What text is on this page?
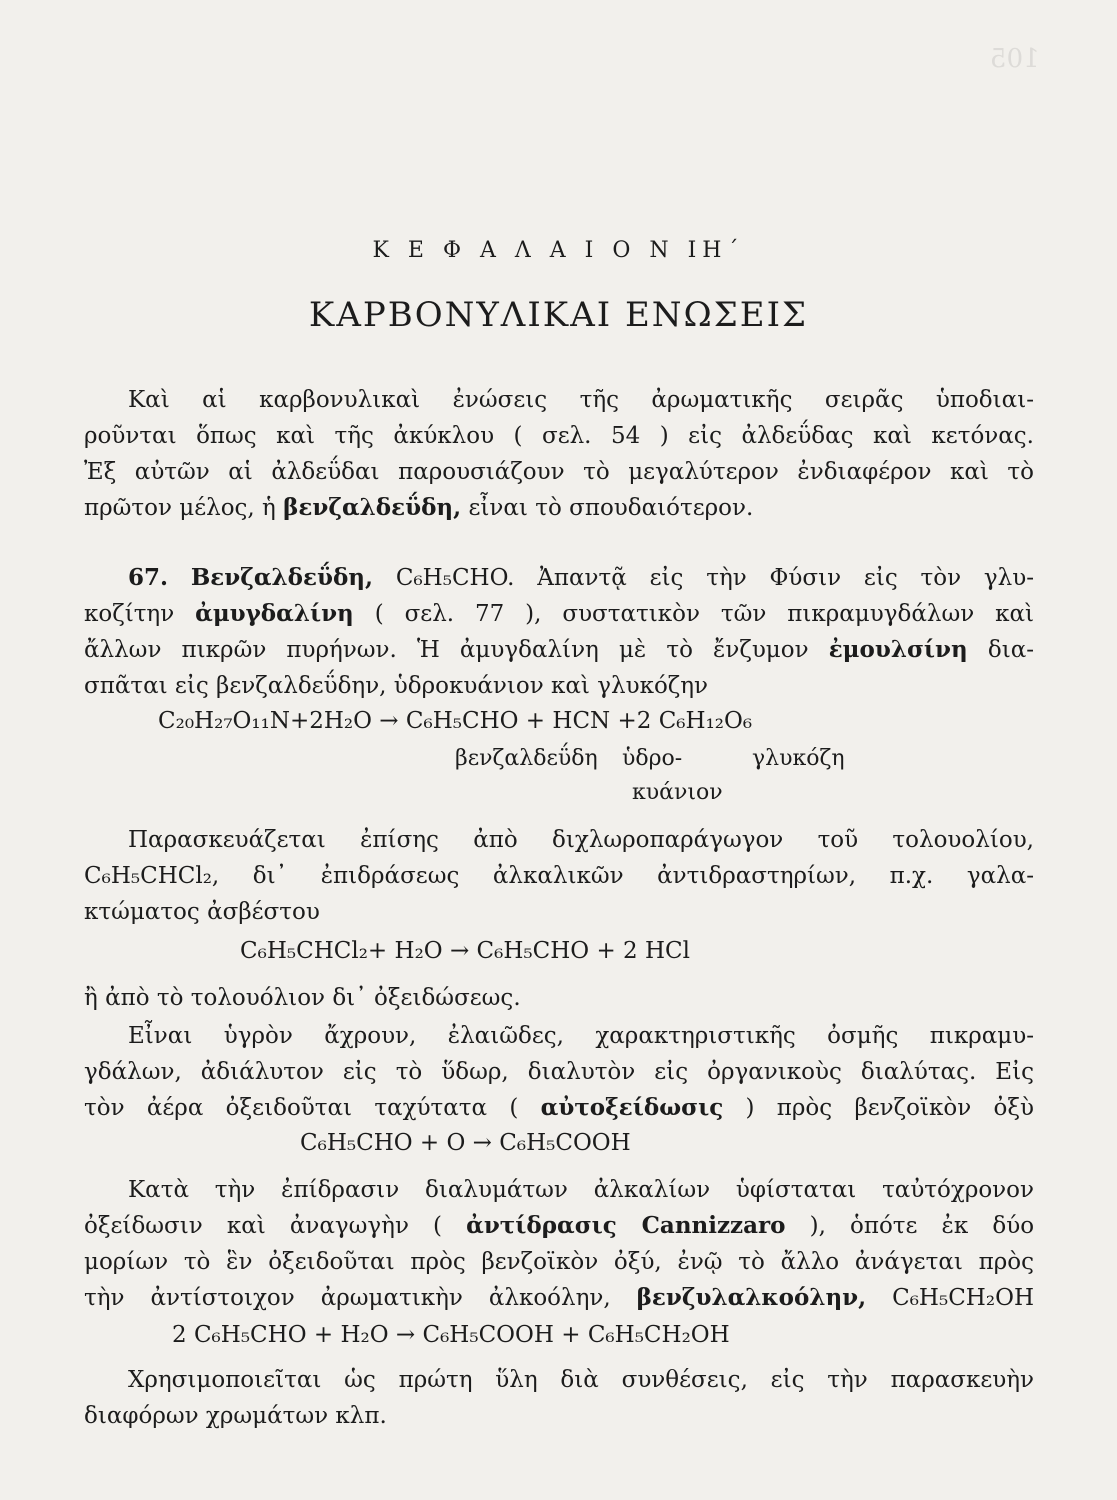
105
Κ Ε Φ Α Λ Α Ι Ο Ν ΙΗ΄
ΚΑΡΒΟΝΥΛΙΚΑΙ ΕΝΩΣΕΙΣ
Καὶ αἱ καρβονυλικαὶ ἐνώσεις τῆς ἀρωματικῆς σειρᾶς ὑποδιαι-
ροῦνται ὅπως καὶ τῆς ἀκύκλου ( σελ. 54 ) εἰς ἀλδεΰδας καὶ κετόνας.
Ἐξ αὐτῶν αἱ ἀλδεΰδαι παρουσιάζουν τὸ μεγαλύτερον ἐνδιαφέρον καὶ τὸ
πρῶτον μέλος, ἡ βενζαλδεΰδη, εἶναι τὸ σπουδαιότερον.
67. Βενζαλδεΰδη, C₆H₅CHO. Ἀπαντᾷ εἰς τὴν Φύσιν εἰς τὸν γλυ-
κοζίτην ἀμυγδαλίνη ( σελ. 77 ), συστατικὸν τῶν πικραμυγδάλων καὶ
ἄλλων πικρῶν πυρήνων. Ἡ ἀμυγδαλίνη μὲ τὸ ἔνζυμον ἐμουλσίνη δια-
σπᾶται εἰς βενζαλδεΰδην, ὑδροκυάνιον καὶ γλυκόζην
C₂₀H₂₇O₁₁N+2H₂O → C₆H₅CHO + HCN +2 C₆H₁₂O₆
βενζαλδεΰδη ὑδρο-
κυάνιον
γλυκόζη
Παρασκευάζεται ἐπίσης ἀπὸ διχλωροπαράγωγον τοῦ τολουολίου,
C₆H₅CHCl₂, δι᾽ ἐπιδράσεως ἀλκαλικῶν ἀντιδραστηρίων, π.χ. γαλα-
κτώματος ἀσβέστου
C₆H₅CHCl₂+ H₂O → C₆H₅CHO + 2 HCl
ἢ ἀπὸ τὸ τολουόλιον δι᾽ ὀξειδώσεως.
Εἶναι ὑγρὸν ἄχρουν, ἐλαιῶδες, χαρακτηριστικῆς ὀσμῆς πικραμυ-
γδάλων, ἀδιάλυτον εἰς τὸ ὕδωρ, διαλυτὸν εἰς ὀργανικοὺς διαλύτας. Εἰς
τὸν ἀέρα ὀξειδοῦται ταχύτατα ( αὐτοξείδωσις ) πρὸς βενζοϊκὸν ὀξὺ
C₆H₅CHO + O → C₆H₅COOH
Κατὰ τὴν ἐπίδρασιν διαλυμάτων ἀλκαλίων ὑφίσταται ταὐτόχρονον
ὀξείδωσιν καὶ ἀναγωγὴν ( ἀντίδρασις Cannizzaro ), ὁπότε ἐκ δύο
μορίων τὸ ἓν ὀξειδοῦται πρὸς βενζοϊκὸν ὀξύ, ἐνῷ τὸ ἄλλο ἀνάγεται πρὸς
τὴν ἀντίστοιχον ἀρωματικὴν ἀλκοόλην, βενζυλαλκοόλην, C₆H₅CH₂OH
2 C₆H₅CHO + H₂O → C₆H₅COOH + C₆H₅CH₂OH
Χρησιμοποιεῖται ὡς πρώτη ὕλη διὰ συνθέσεις, εἰς τὴν παρασκευὴν
διαφόρων χρωμάτων κλπ.
